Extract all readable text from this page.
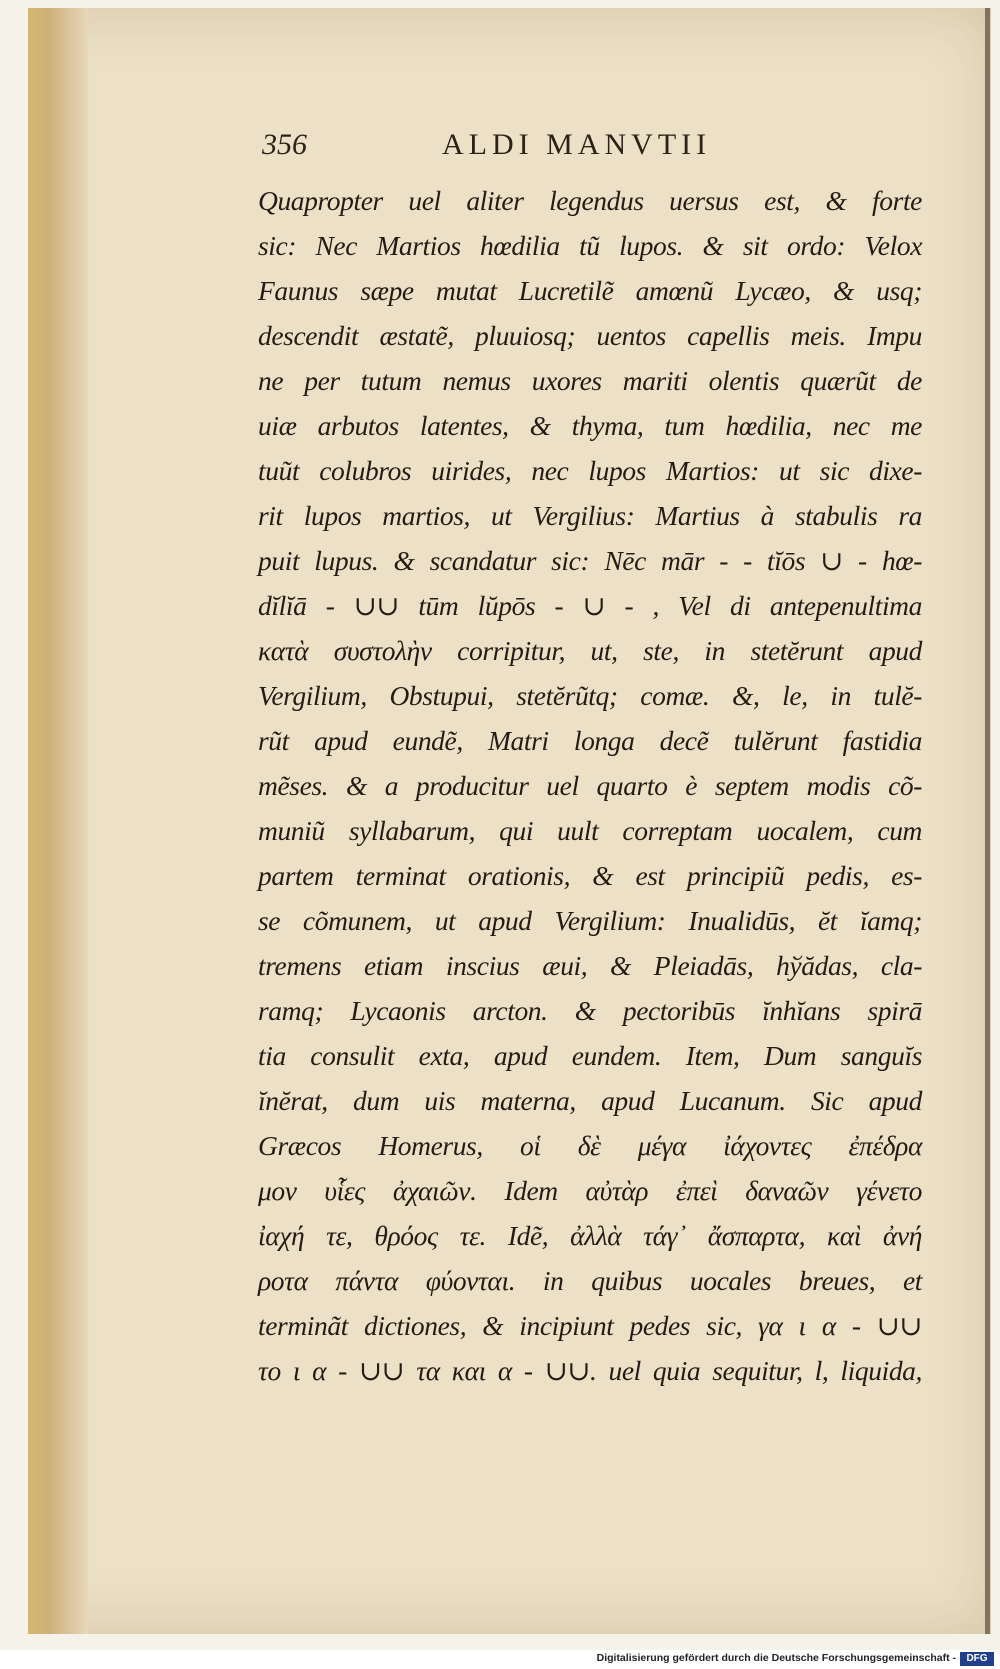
356	ALDI MANVTII
Quapropter uel aliter legendus uersus est, & forte
sic: Nec Martios hœdilia tũ lupos. & sit ordo: Velox
Faunus sæpe mutat Lucretilẽ amœnũ Lycæo, & usq;
descendit æstatẽ, pluuiosq; uentos capellis meis. Impu
ne per tutum nemus uxores mariti olentis quærũt de
uiæ arbutos latentes, & thyma, tum hœdilia, nec me
tuũt colubros uirides, nec lupos Martios: ut sic dixe-
rit lupos martios, ut Vergilius: Martius à stabulis ra
puit lupus. & scandatur sic: Nēc mār - - tĭōs ∪ - hœ-
dĭlĭā - ∪∪ tūm lŭpōs - ∪ - , Vel di antepenultima
κατὰ συστολὴν corripitur, ut, ste, in stetĕrunt apud
Vergilium, Obstupui, stetĕrũtq; comæ. &, le, in tulĕ-
rũt apud eundẽ, Matri longa decẽ tulĕrunt fastidia
mẽses. & a producitur uel quarto è septem modis cõ-
muniũ syllabarum, qui uult correptam uocalem, cum
partem terminat orationis, & est principiũ pedis, es-
se cõmunem, ut apud Vergilium: Inualidūs, ĕt ĭamq;
tremens etiam inscius æui, & Pleiadās, hўădas, cla-
ramq; Lycaonis arcton. & pectoribūs ĭnhĭans spirā
tia consulit exta, apud eundem. Item, Dum sanguĭs
ĭnĕrat, dum uis materna, apud Lucanum. Sic apud
Græcos Homerus, οἱ δὲ μέγα ἰάχοντες ἐπέδρα
μον υἷες ἀχαιῶν. Idem αὐτὰρ ἐπεὶ δαναῶν γένετο
ἰαχή τε, θρόος τε. Idẽ, ἀλλὰ τάγ᾽ ἄσπαρτα, καὶ ἀνή
ροτα πάντα φύονται. in quibus uocales breues, et
terminãt dictiones, & incipiunt pedes sic, γα ι α - ∪∪
το ι α - ∪∪ τα και α - ∪∪. uel quia sequitur, l, liquida,
Digitalisierung gefördert durch die Deutsche Forschungsgemeinschaft -	DFG
